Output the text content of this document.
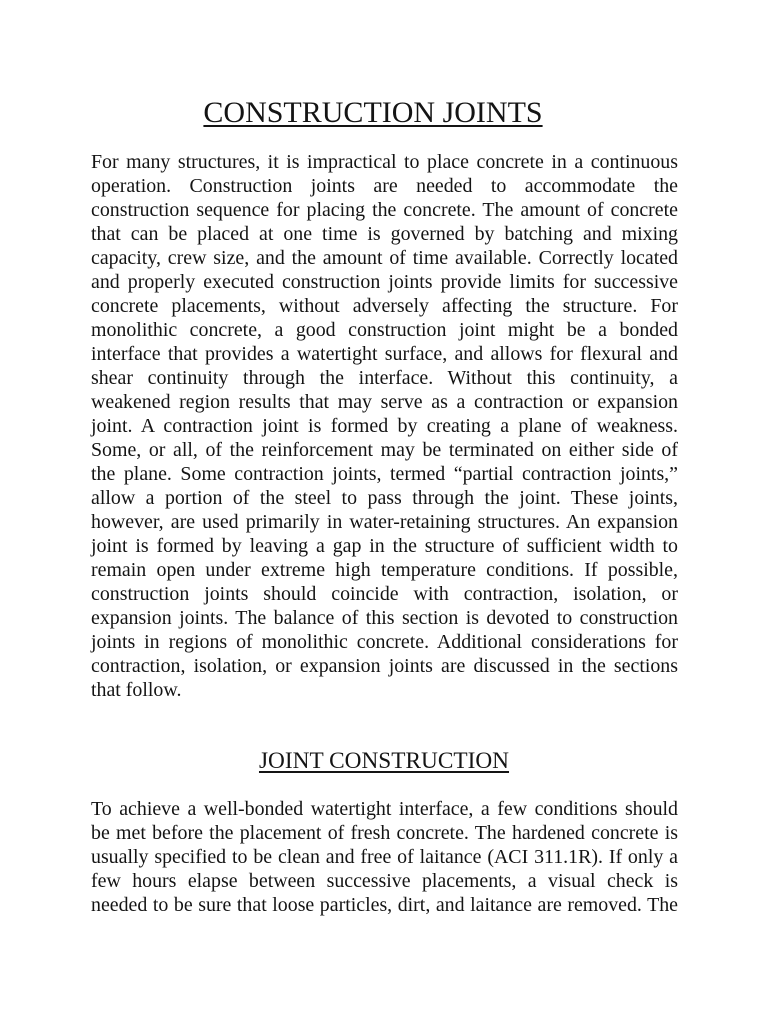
CONSTRUCTION JOINTS
For many structures, it is impractical to place concrete in a continuous
operation. Construction joints are needed to accommodate the
construction sequence for placing the concrete. The amount of concrete
that can be placed at one time is governed by batching and mixing
capacity, crew size, and the amount of time available. Correctly located
and properly executed construction joints provide limits for successive
concrete placements, without adversely affecting the structure. For
monolithic concrete, a good construction joint might be a bonded
interface that provides a watertight surface, and allows for flexural and
shear continuity through the interface. Without this continuity, a
weakened region results that may serve as a contraction or expansion
joint. A contraction joint is formed by creating a plane of weakness.
Some, or all, of the reinforcement may be terminated on either side of
the plane. Some contraction joints, termed “partial contraction joints,”
allow a portion of the steel to pass through the joint. These joints,
however, are used primarily in water-retaining structures. An expansion
joint is formed by leaving a gap in the structure of sufficient width to
remain open under extreme high temperature conditions. If possible,
construction joints should coincide with contraction, isolation, or
expansion joints. The balance of this section is devoted to construction
joints in regions of monolithic concrete. Additional considerations for
contraction, isolation, or expansion joints are discussed in the sections
that follow.
JOINT CONSTRUCTION
To achieve a well-bonded watertight interface, a few conditions should
be met before the placement of fresh concrete. The hardened concrete is
usually specified to be clean and free of laitance (ACI 311.1R). If only a
few hours elapse between successive placements, a visual check is
needed to be sure that loose particles, dirt, and laitance are removed. The
